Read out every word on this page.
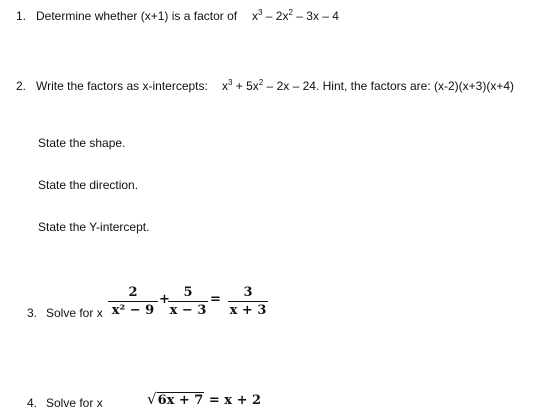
1. Determine whether (x+1) is a factor of $x^3 - 2x^2 - 3x - 4$
2. Write the factors as x-intercepts: $x^3 + 5x^2 - 2x - 24$. Hint, the factors are: (x-2)(x+3)(x+4)
State the shape.
State the direction.
State the Y-intercept.
3. Solve for x
2
x² − 9
+ 5
x − 3
= 3
x + 3
4. Solve for x	√6x + 7 = x + 2
